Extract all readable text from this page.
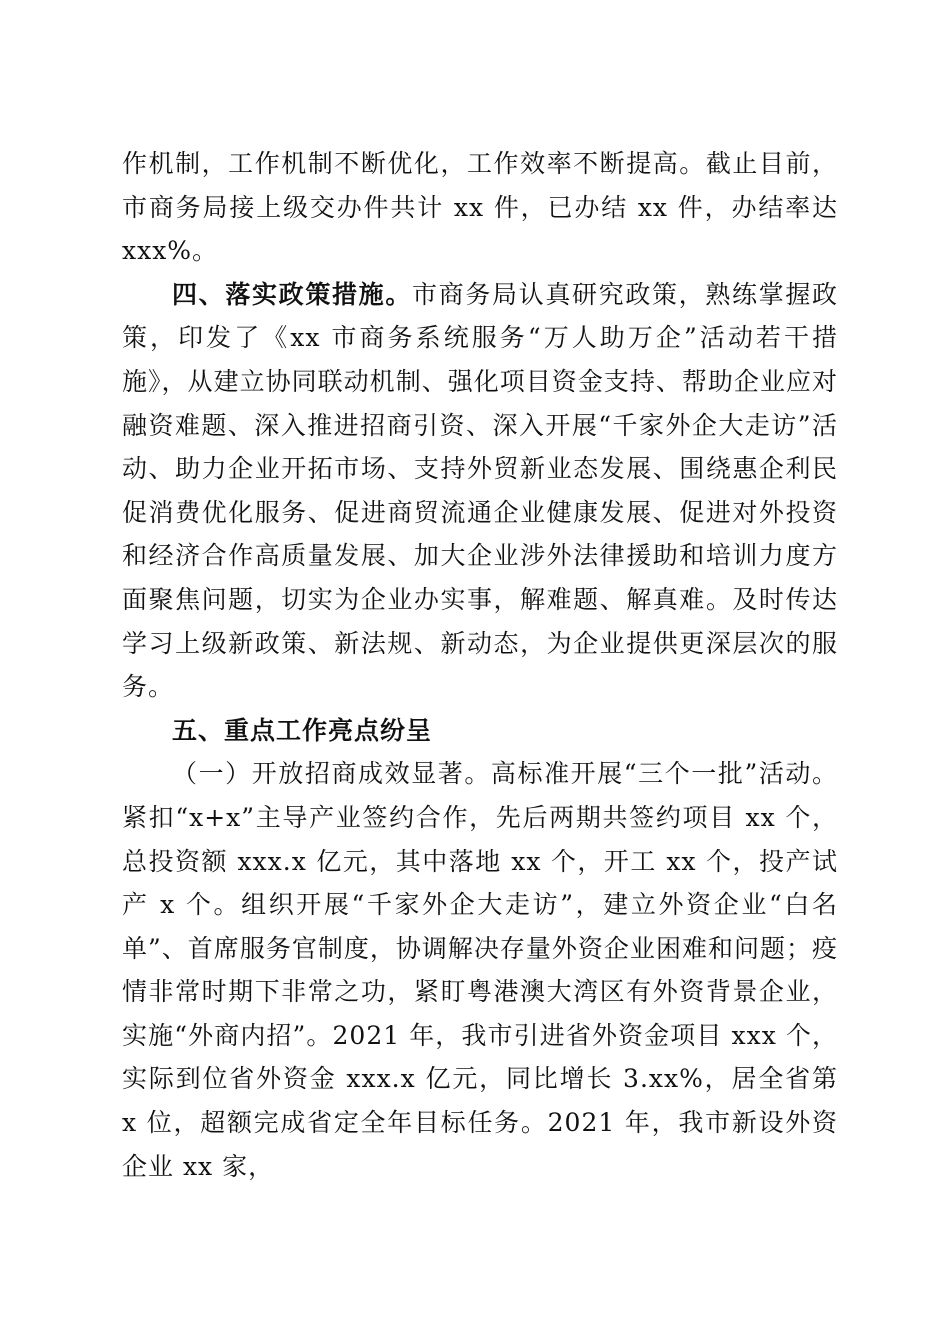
作机制，工作机制不断优化，工作效率不断提高。截止目前，市商务局接上级交办件共计 xx 件，已办结 xx 件，办结率达 xxx%。

四、落实政策措施。市商务局认真研究政策，熟练掌握政策，印发了《xx 市商务系统服务“万人助万企”活动若干措施》，从建立协同联动机制、强化项目资金支持、帮助企业应对融资难题、深入推进招商引资、深入开展“千家外企大走访”活动、助力企业开拓市场、支持外贸新业态发展、围绕惠企利民促消费优化服务、促进商贸流通企业健康发展、促进对外投资和经济合作高质量发展、加大企业涉外法律援助和培训力度方面聚焦问题，切实为企业办实事，解难题、解真难。及时传达学习上级新政策、新法规、新动态，为企业提供更深层次的服务。

五、重点工作亮点纷呈

（一）开放招商成效显著。高标准开展“三个一批”活动。紧扣“x+x”主导产业签约合作，先后两期共签约项目 xx 个，总投资额 xxx.x 亿元，其中落地 xx 个，开工 xx 个，投产试产 x 个。组织开展“千家外企大走访”，建立外资企业“白名单”、首席服务官制度，协调解决存量外资企业困难和问题；疫情非常时期下非常之功，紧盯粤港澳大湾区有外资背景企业，实施“外商内招”。2021 年，我市引进省外资金项目 xxx 个，实际到位省外资金 xxx.x 亿元，同比增长 3.xx%，居全省第 x 位，超额完成省定全年目标任务。2021 年，我市新设外资企业 xx 家，
